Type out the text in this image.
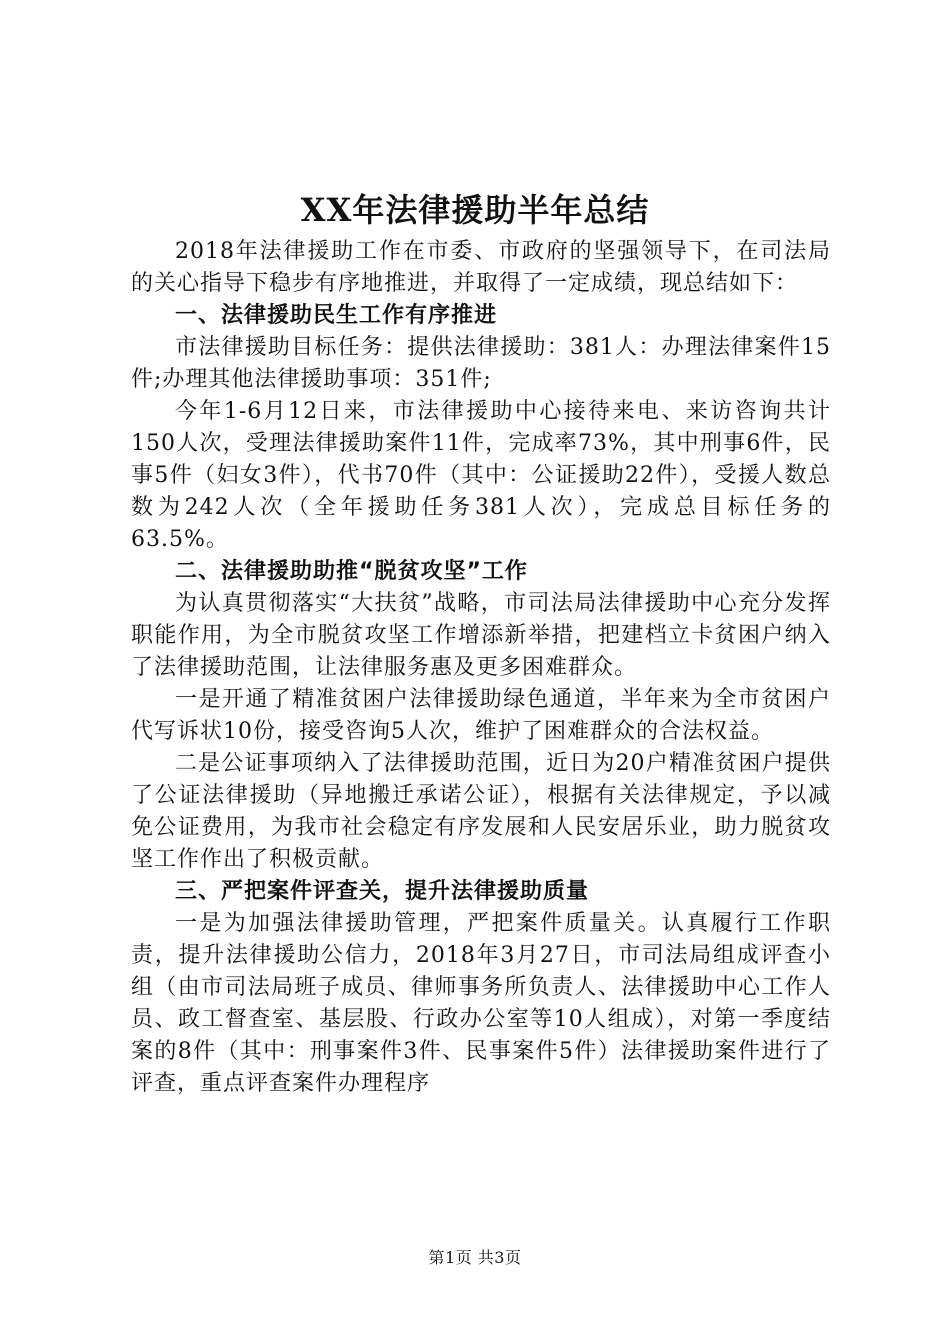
XX年法律援助半年总结

2018年法律援助工作在市委、市政府的坚强领导下，在司法局的关心指导下稳步有序地推进，并取得了一定成绩，现总结如下：

一、法律援助民生工作有序推进

市法律援助目标任务：提供法律援助：381人：办理法律案件15件;办理其他法律援助事项：351件;

今年1-6月12日来，市法律援助中心接待来电、来访咨询共计150人次，受理法律援助案件11件，完成率73%，其中刑事6件，民事5件（妇女3件），代书70件（其中：公证援助22件），受援人数总数为242人次（全年援助任务381人次），完成总目标任务的63.5%。

二、法律援助助推“脱贫攻坚”工作

为认真贯彻落实“大扶贫”战略，市司法局法律援助中心充分发挥职能作用，为全市脱贫攻坚工作增添新举措，把建档立卡贫困户纳入了法律援助范围，让法律服务惠及更多困难群众。

一是开通了精准贫困户法律援助绿色通道，半年来为全市贫困户代写诉状10份，接受咨询5人次，维护了困难群众的合法权益。

二是公证事项纳入了法律援助范围，近日为20户精准贫困户提供了公证法律援助（异地搬迁承诺公证），根据有关法律规定，予以减免公证费用，为我市社会稳定有序发展和人民安居乐业，助力脱贫攻坚工作作出了积极贡献。

三、严把案件评查关，提升法律援助质量

一是为加强法律援助管理，严把案件质量关。认真履行工作职责，提升法律援助公信力，2018年3月27日，市司法局组成评查小组（由市司法局班子成员、律师事务所负责人、法律援助中心工作人员、政工督查室、基层股、行政办公室等10人组成），对第一季度结案的8件（其中：刑事案件3件、民事案件5件）法律援助案件进行了评查，重点评查案件办理程序

第1页 共3页
